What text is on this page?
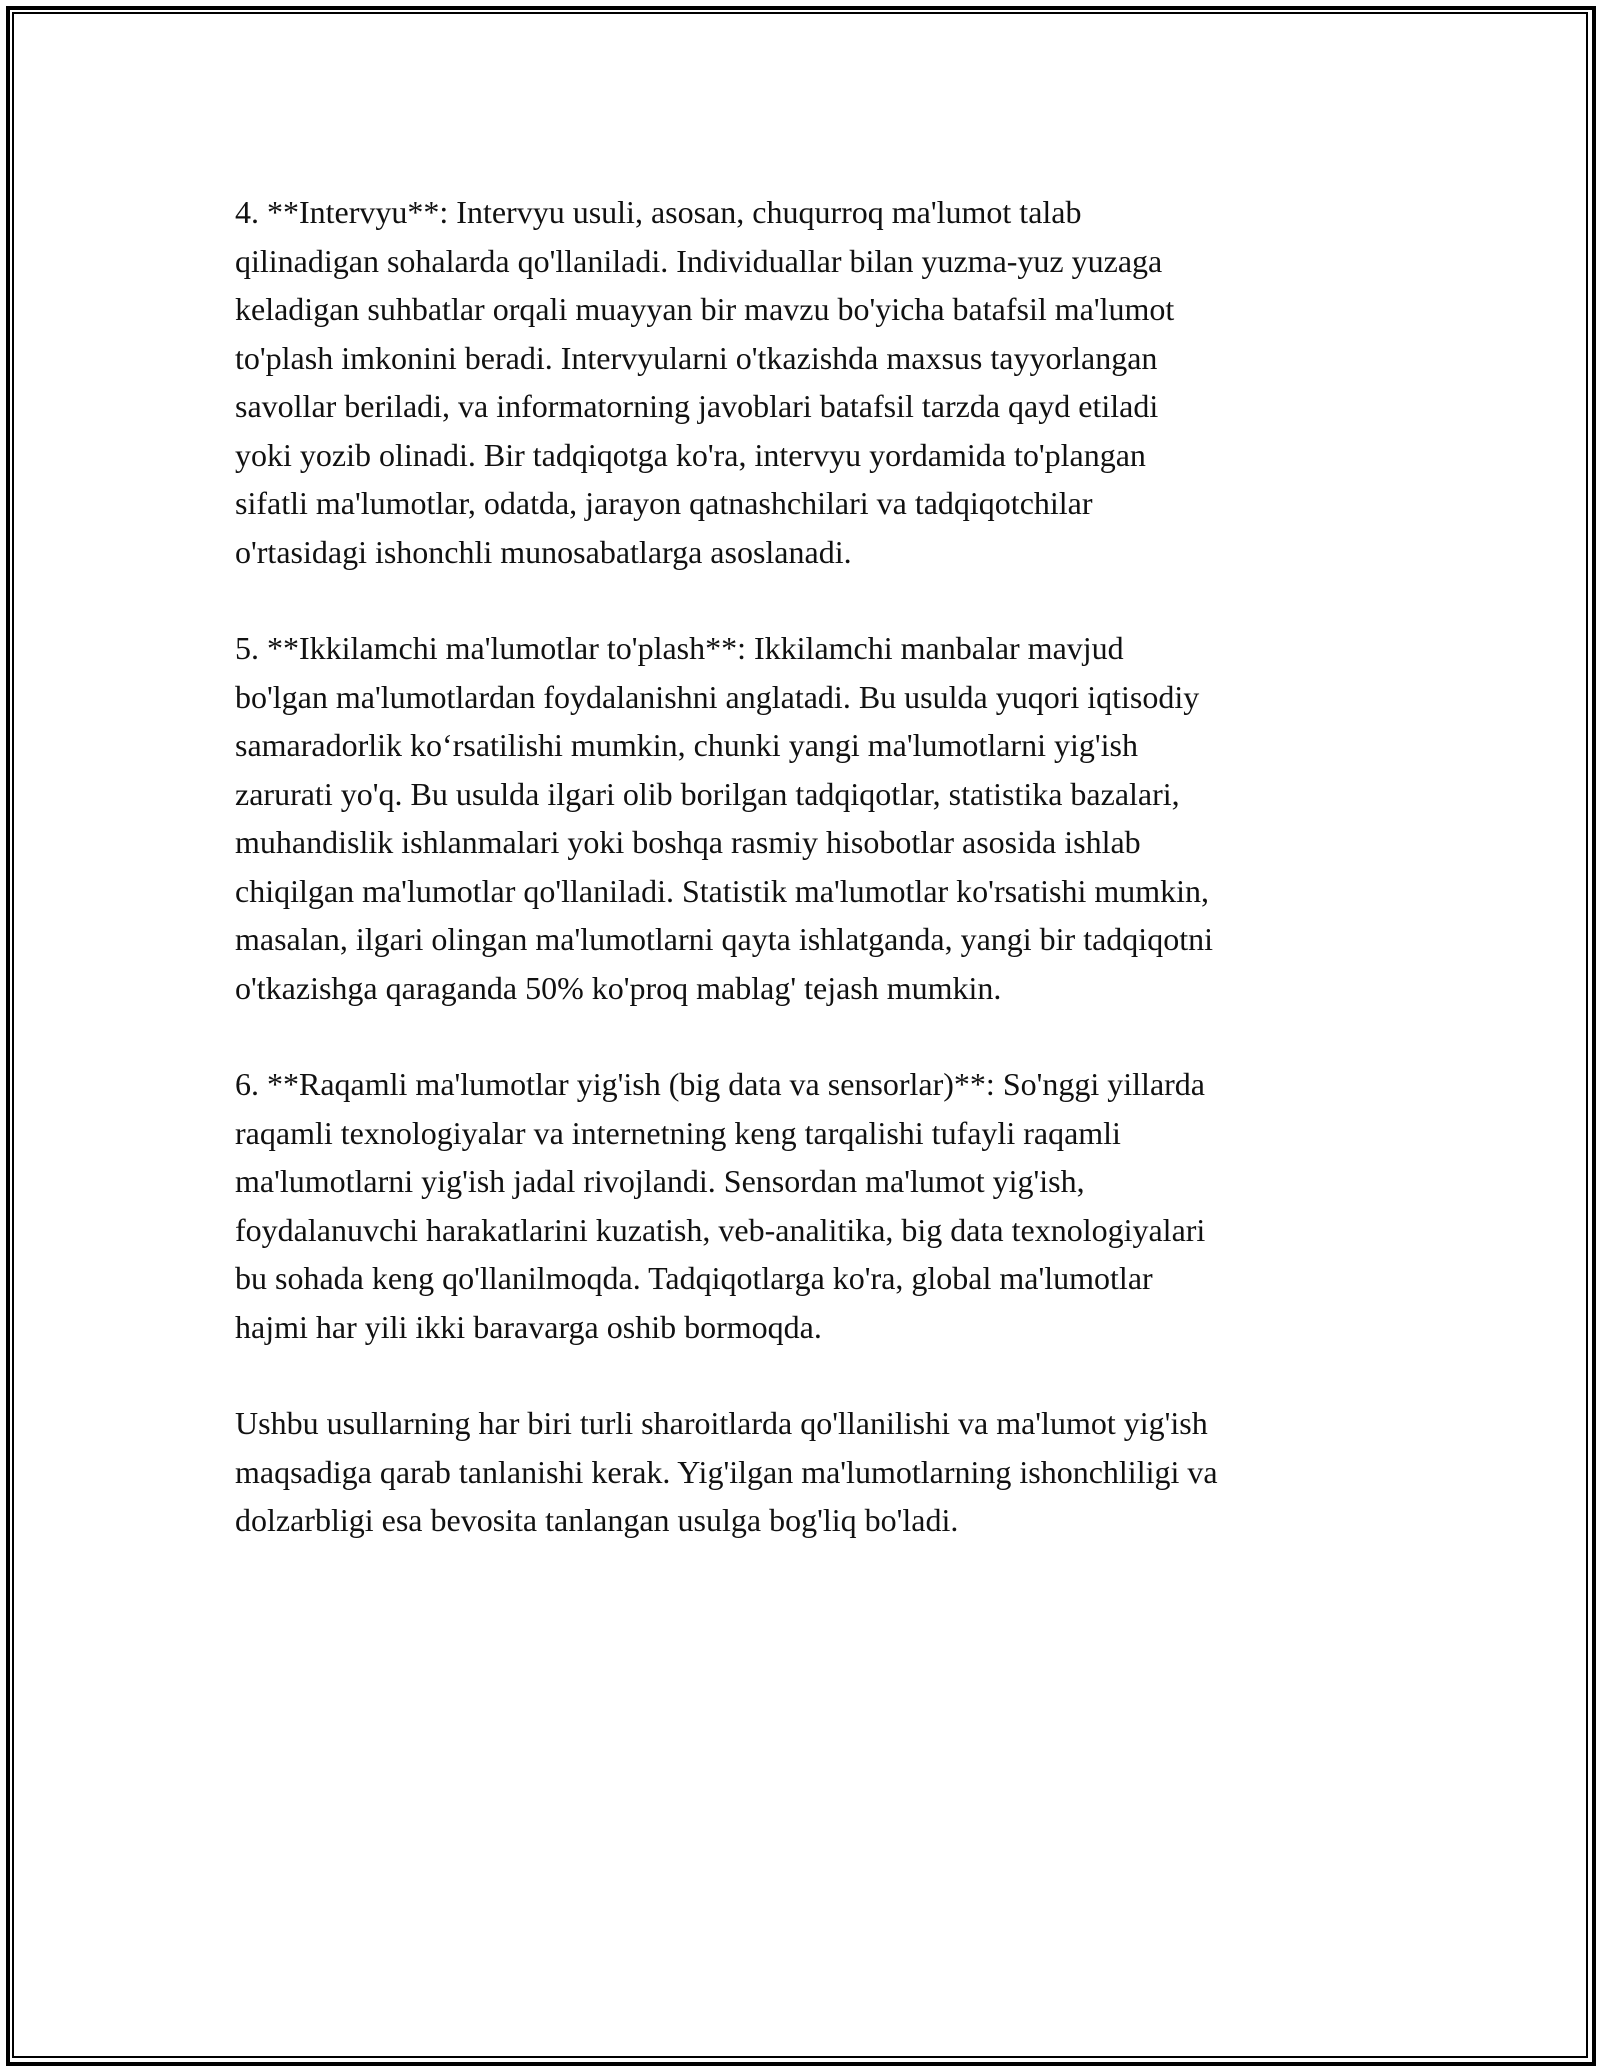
4. **Intervyu**: Intervyu usuli, asosan, chuqurroq ma'lumot talab
qilinadigan sohalarda qo'llaniladi. Individuallar bilan yuzma-yuz yuzaga
keladigan suhbatlar orqali muayyan bir mavzu bo'yicha batafsil ma'lumot
to'plash imkonini beradi. Intervyularni o'tkazishda maxsus tayyorlangan
savollar beriladi, va informatorning javoblari batafsil tarzda qayd etiladi
yoki yozib olinadi. Bir tadqiqotga ko'ra, intervyu yordamida to'plangan
sifatli ma'lumotlar, odatda, jarayon qatnashchilari va tadqiqotchilar
o'rtasidagi ishonchli munosabatlarga asoslanadi.

5. **Ikkilamchi ma'lumotlar to'plash**: Ikkilamchi manbalar mavjud
bo'lgan ma'lumotlardan foydalanishni anglatadi. Bu usulda yuqori iqtisodiy
samaradorlik ko‘rsatilishi mumkin, chunki yangi ma'lumotlarni yig'ish
zarurati yo'q. Bu usulda ilgari olib borilgan tadqiqotlar, statistika bazalari,
muhandislik ishlanmalari yoki boshqa rasmiy hisobotlar asosida ishlab
chiqilgan ma'lumotlar qo'llaniladi. Statistik ma'lumotlar ko'rsatishi mumkin,
masalan, ilgari olingan ma'lumotlarni qayta ishlatganda, yangi bir tadqiqotni
o'tkazishga qaraganda 50% ko'proq mablag' tejash mumkin.

6. **Raqamli ma'lumotlar yig'ish (big data va sensorlar)**: So'nggi yillarda
raqamli texnologiyalar va internetning keng tarqalishi tufayli raqamli
ma'lumotlarni yig'ish jadal rivojlandi. Sensordan ma'lumot yig'ish,
foydalanuvchi harakatlarini kuzatish, veb-analitika, big data texnologiyalari
bu sohada keng qo'llanilmoqda. Tadqiqotlarga ko'ra, global ma'lumotlar
hajmi har yili ikki baravarga oshib bormoqda.

Ushbu usullarning har biri turli sharoitlarda qo'llanilishi va ma'lumot yig'ish
maqsadiga qarab tanlanishi kerak. Yig'ilgan ma'lumotlarning ishonchliligi va
dolzarbligi esa bevosita tanlangan usulga bog'liq bo'ladi.
